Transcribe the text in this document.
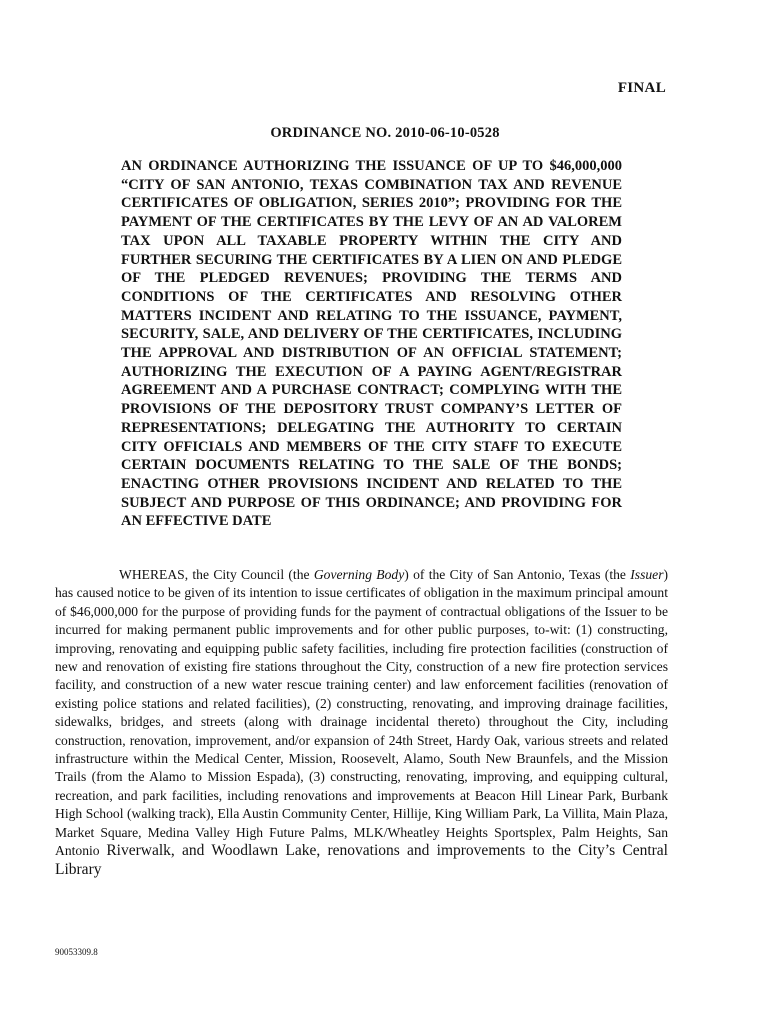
FINAL
ORDINANCE NO. 2010-06-10-0528

AN ORDINANCE AUTHORIZING THE ISSUANCE OF UP TO $46,000,000 “CITY OF SAN ANTONIO, TEXAS COMBINATION TAX AND REVENUE CERTIFICATES OF OBLIGATION, SERIES 2010”; PROVIDING FOR THE PAYMENT OF THE CERTIFICATES BY THE LEVY OF AN AD VALOREM TAX UPON ALL TAXABLE PROPERTY WITHIN THE CITY AND FURTHER SECURING THE CERTIFICATES BY A LIEN ON AND PLEDGE OF THE PLEDGED REVENUES; PROVIDING THE TERMS AND CONDITIONS OF THE CERTIFICATES AND RESOLVING OTHER MATTERS INCIDENT AND RELATING TO THE ISSUANCE, PAYMENT, SECURITY, SALE, AND DELIVERY OF THE CERTIFICATES, INCLUDING THE APPROVAL AND DISTRIBUTION OF AN OFFICIAL STATEMENT; AUTHORIZING THE EXECUTION OF A PAYING AGENT/REGISTRAR AGREEMENT AND A PURCHASE CONTRACT; COMPLYING WITH THE PROVISIONS OF THE DEPOSITORY TRUST COMPANY’S LETTER OF REPRESENTATIONS; DELEGATING THE AUTHORITY TO CERTAIN CITY OFFICIALS AND MEMBERS OF THE CITY STAFF TO EXECUTE CERTAIN DOCUMENTS RELATING TO THE SALE OF THE BONDS; ENACTING OTHER PROVISIONS INCIDENT AND RELATED TO THE SUBJECT AND PURPOSE OF THIS ORDINANCE; AND PROVIDING FOR AN EFFECTIVE DATE

WHEREAS, the City Council (the Governing Body) of the City of San Antonio, Texas (the Issuer) has caused notice to be given of its intention to issue certificates of obligation in the maximum principal amount of $46,000,000 for the purpose of providing funds for the payment of contractual obligations of the Issuer to be incurred for making permanent public improvements and for other public purposes, to-wit: (1) constructing, improving, renovating and equipping public safety facilities, including fire protection facilities (construction of new and renovation of existing fire stations throughout the City, construction of a new fire protection services facility, and construction of a new water rescue training center) and law enforcement facilities (renovation of existing police stations and related facilities), (2) constructing, renovating, and improving drainage facilities, sidewalks, bridges, and streets (along with drainage incidental thereto) throughout the City, including construction, renovation, improvement, and/or expansion of 24th Street, Hardy Oak, various streets and related infrastructure within the Medical Center, Mission, Roosevelt, Alamo, South New Braunfels, and the Mission Trails (from the Alamo to Mission Espada), (3) constructing, renovating, improving, and equipping cultural, recreation, and park facilities, including renovations and improvements at Beacon Hill Linear Park, Burbank High School (walking track), Ella Austin Community Center, Hillije, King William Park, La Villita, Main Plaza, Market Square, Medina Valley High Future Palms, MLK/Wheatley Heights Sportsplex, Palm Heights, San Antonio Riverwalk, and Woodlawn Lake, renovations and improvements to the City’s Central Library

90053309.8
